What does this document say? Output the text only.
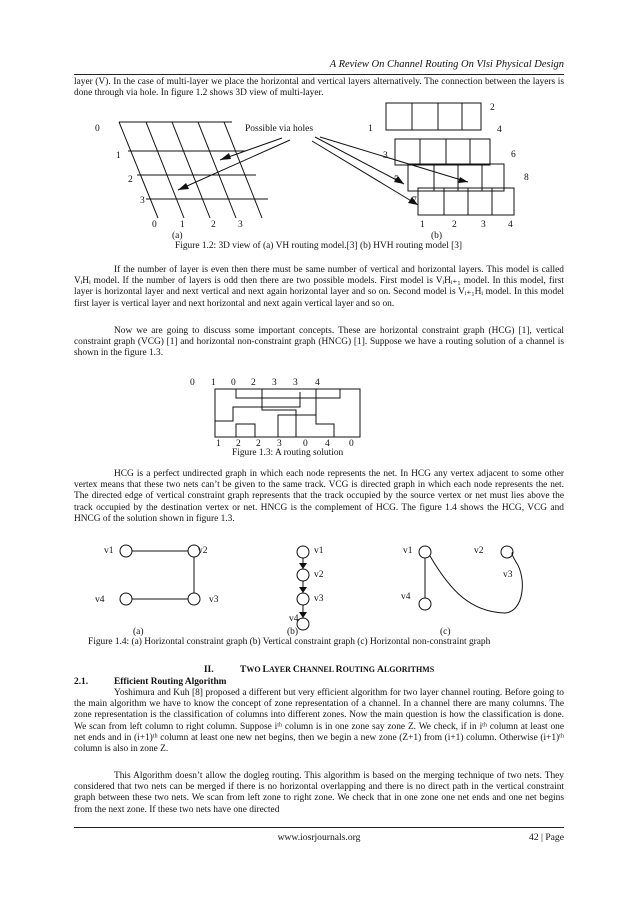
A Review On Channel Routing On Vlsi Physical Design

layer (V). In the case of multi-layer we place the horizontal and vertical layers alternatively. The connection between the layers is done through via hole. In figure 1.2 shows 3D view of multi-layer.

Possible via holes
0
1
2
3
0 1	2 3
(a)
1
3
5
7
2
4
6
8
1	2	3 4
(b)
Figure 1.2: 3D view of (a) VH routing model.[3] (b) HVH routing model [3]

If the number of layer is even then there must be same number of vertical and horizontal layers. This model is called VᵢHᵢ model. If the number of layers is odd then there are two possible models. First model is VᵢHᵢ₊₁ model. In this model, first layer is horizontal layer and next vertical and next again horizontal layer and so on. Second model is Vᵢ₊₁Hᵢ model. In this model first layer is vertical layer and next horizontal and next again vertical layer and so on.

Now we are going to discuss some important concepts. These are horizontal constraint graph (HCG) [1], vertical constraint graph (VCG) [1] and horizontal non-constraint graph (HNCG) [1]. Suppose we have a routing solution of a channel is shown in the figure 1.3.

0 1 0 2 3 3 4
1 2 2 3 0 4 0
Figure 1.3: A routing solution

HCG is a perfect undirected graph in which each node represents the net. In HCG any vertex adjacent to some other vertex means that these two nets can’t be given to the same track. VCG is directed graph in which each node represents the net. The directed edge of vertical constraint graph represents that the track occupied by the source vertex or net must lies above the track occupied by the destination vertex or net. HNCG is the complement of HCG. The figure 1.4 shows the HCG, VCG and HNCG of the solution shown in figure 1.3.

v1	v2
v3
v4
v1
v2
v3
v4
v1	v2
v3
v4
(a)	(b)	(c)
Figure 1.4: (a) Horizontal constraint graph (b) Vertical constraint graph (c) Horizontal non-constraint graph
II.	TWO LAYER CHANNEL ROUTING ALGORITHMS
2.1.	Efficient Routing Algorithm

Yoshimura and Kuh [8] proposed a different but very efficient algorithm for two layer channel routing. Before going to the main algorithm we have to know the concept of zone representation of a channel. In a channel there are many columns. The zone representation is the classification of columns into different zones. Now the main question is how the classification is done. We scan from left column to right column. Suppose iᵗʰ column is in one zone say zone Z. We check, if in iᵗʰ column at least one net ends and in (i+1)ᵗʰ column at least one new net begins, then we begin a new zone (Z+1) from (i+1) column. Otherwise (i+1)ᵗʰ column is also in zone Z.

This Algorithm doesn’t allow the dogleg routing. This algorithm is based on the merging technique of two nets. They considered that two nets can be merged if there is no horizontal overlapping and there is no direct path in the vertical constraint graph between these two nets. We scan from left zone to right zone. We check that in one zone one net ends and one net begins from the next zone. If these two nets have one directed

www.iosrjournals.org	42 | Page
